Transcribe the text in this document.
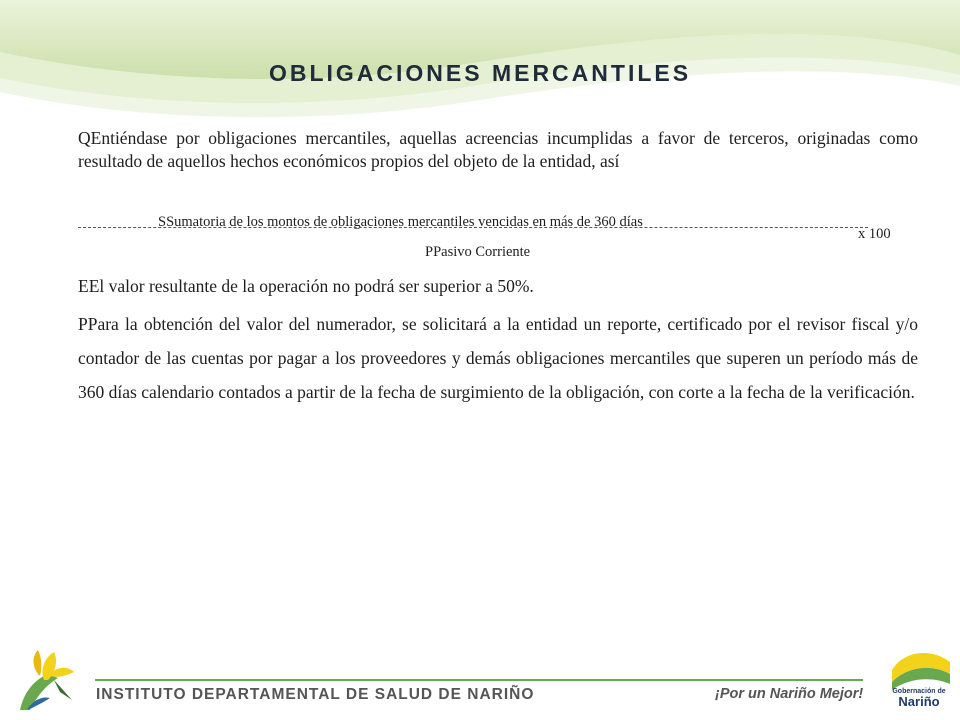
OBLIGACIONES MERCANTILES

QEntiéndase por obligaciones mercantiles, aquellas acreencias incumplidas a favor de terceros, originadas como resultado de aquellos hechos económicos propios del objeto de la entidad, así

SSumatoria de los montos de obligaciones mercantiles vencidas en más de 360 días
x 100
PPasivo Corriente

EEl valor resultante de la operación no podrá ser superior a 50%.

PPara la obtención del valor del numerador, se solicitará a la entidad un reporte, certificado por el revisor fiscal y/o contador de las cuentas por pagar a los proveedores y demás obligaciones mercantiles que superen un período más de 360 días calendario contados a partir de la fecha de surgimiento de la obligación, con corte a la fecha de la verificación.

INSTITUTO DEPARTAMENTAL DE SALUD DE NARIÑO	¡Por un Nariño Mejor!	Gobernación de
Nariño
